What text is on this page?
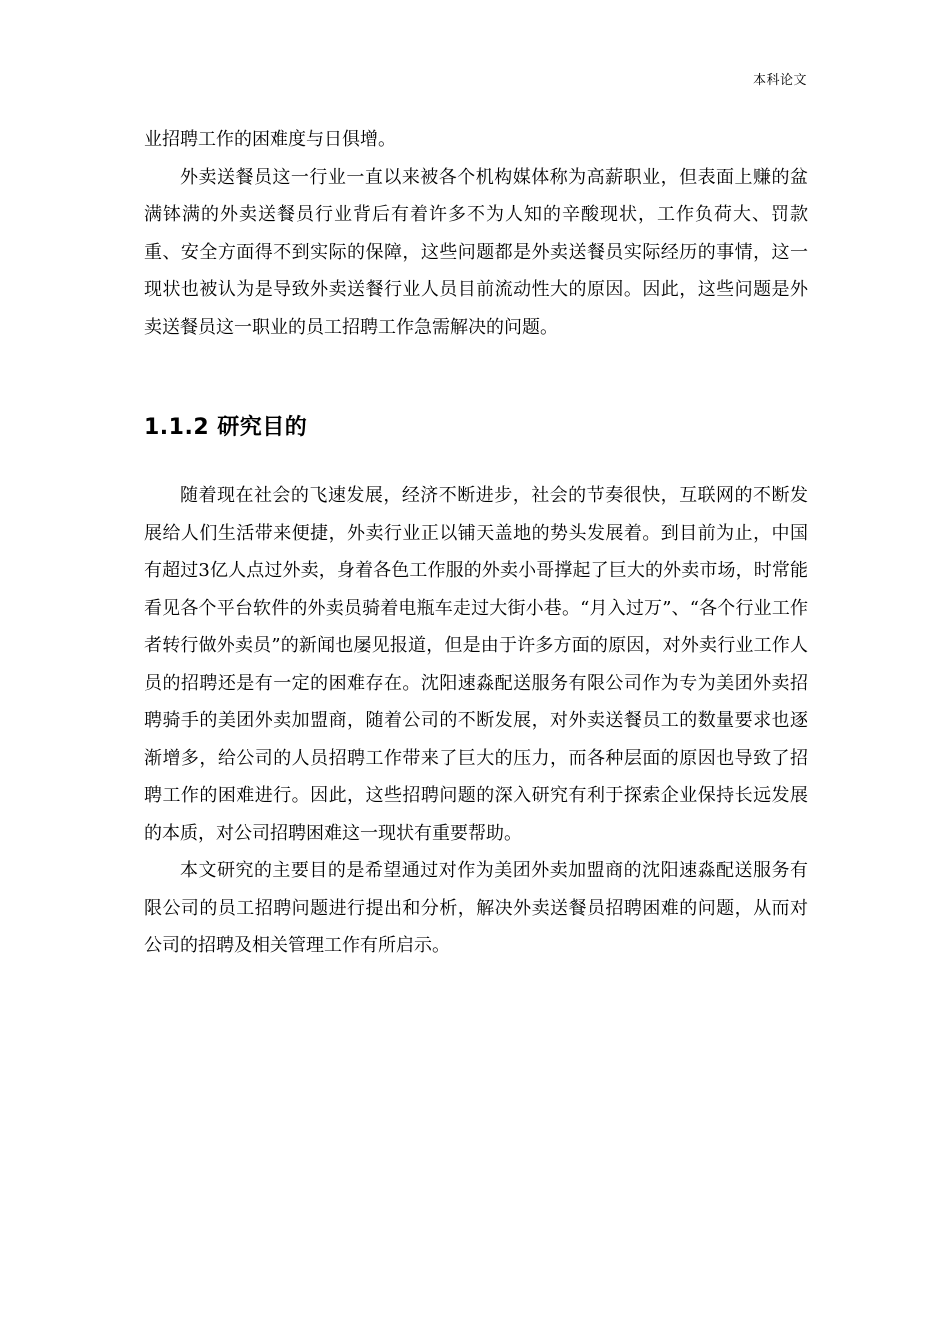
本科论文

业招聘工作的困难度与日俱增。

外卖送餐员这一行业一直以来被各个机构媒体称为高薪职业，但表面上赚的盆满钵满的外卖送餐员行业背后有着许多不为人知的辛酸现状，工作负荷大、罚款重、安全方面得不到实际的保障，这些问题都是外卖送餐员实际经历的事情，这一现状也被认为是导致外卖送餐行业人员目前流动性大的原因。因此，这些问题是外卖送餐员这一职业的员工招聘工作急需解决的问题。

1.1.2 研究目的

随着现在社会的飞速发展，经济不断进步，社会的节奏很快，互联网的不断发展给人们生活带来便捷，外卖行业正以铺天盖地的势头发展着。到目前为止，中国有超过3亿人点过外卖，身着各色工作服的外卖小哥撑起了巨大的外卖市场，时常能看见各个平台软件的外卖员骑着电瓶车走过大街小巷。“月入过万”、“各个行业工作者转行做外卖员”的新闻也屡见报道，但是由于许多方面的原因，对外卖行业工作人员的招聘还是有一定的困难存在。沈阳速淼配送服务有限公司作为专为美团外卖招聘骑手的美团外卖加盟商，随着公司的不断发展，对外卖送餐员工的数量要求也逐渐增多，给公司的人员招聘工作带来了巨大的压力，而各种层面的原因也导致了招聘工作的困难进行。因此，这些招聘问题的深入研究有利于探索企业保持长远发展的本质，对公司招聘困难这一现状有重要帮助。

本文研究的主要目的是希望通过对作为美团外卖加盟商的沈阳速淼配送服务有限公司的员工招聘问题进行提出和分析，解决外卖送餐员招聘困难的问题，从而对公司的招聘及相关管理工作有所启示。
